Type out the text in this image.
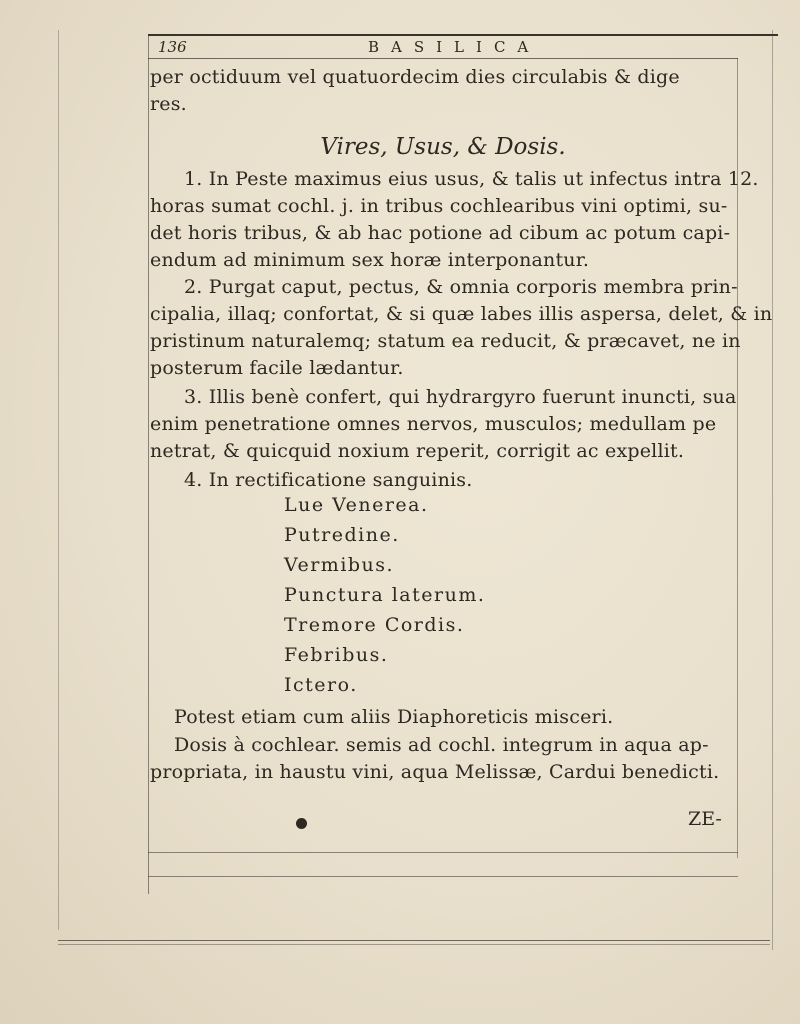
136	BASILICA
per octiduum vel quatuordecim dies circulabis & dige
res.
Vires, Usus, & Dosis.
1. In Peste maximus eius usus, & talis ut infectus intra 12.
horas sumat cochl. j. in tribus cochlearibus vini optimi, su-
det horis tribus, & ab hac potione ad cibum ac potum capi-
endum ad minimum sex horæ interponantur.
2. Purgat caput, pectus, & omnia corporis membra prin-
cipalia, illaq; confortat, & si quæ labes illis aspersa, delet, & in
pristinum naturalemq; statum ea reducit, & præcavet, ne in
posterum facile lædantur.
3. Illis benè confert, qui hydrargyro fuerunt inuncti, sua
enim penetratione omnes nervos, musculos; medullam pe
netrat, & quicquid noxium reperit, corrigit ac expellit.
4. In rectificatione sanguinis.
Lue Venerea.
Putredine.
Vermibus.
Punctura laterum.
Tremore Cordis.
Febribus.
Ictero.
Potest etiam cum aliis Diaphoreticis misceri.
Dosis à cochlear. semis ad cochl. integrum in aqua ap-
propriata, in haustu vini, aqua Melissæ, Cardui benedicti.
ZE-
